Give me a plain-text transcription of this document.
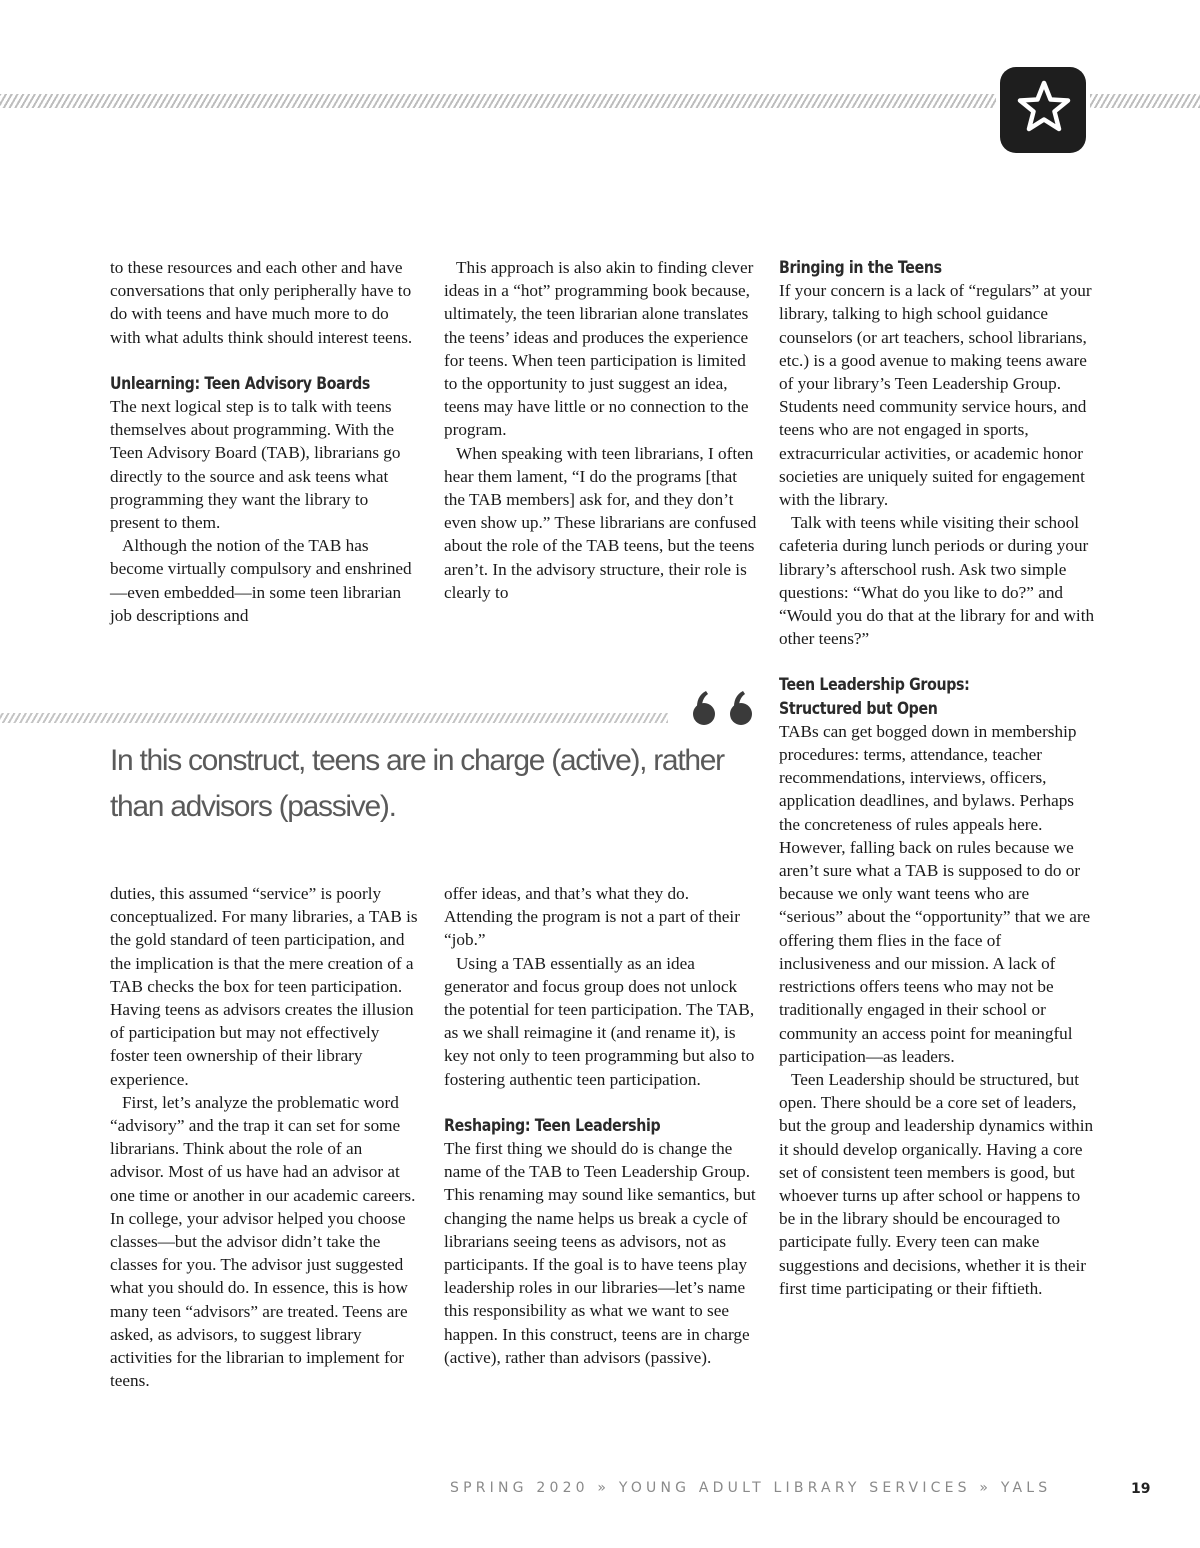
to these resources and each other and have conversations that only peripherally have to do with teens and have much more to do with what adults think should interest teens.

Unlearning: Teen Advisory Boards

The next logical step is to talk with teens themselves about programming. With the Teen Advisory Board (TAB), librarians go directly to the source and ask teens what programming they want the library to present to them.

Although the notion of the TAB has become virtually compulsory and enshrined—even embedded—in some teen librarian job descriptions and

This approach is also akin to finding clever ideas in a “hot” programming book because, ultimately, the teen librarian alone translates the teens’ ideas and produces the experience for teens. When teen participation is limited to the opportunity to just suggest an idea, teens may have little or no connection to the program.

When speaking with teen librarians, I often hear them lament, “I do the programs [that the TAB members] ask for, and they don’t even show up.” These librarians are confused about the role of the TAB teens, but the teens aren’t. In the advisory structure, their role is clearly to

Bringing in the Teens

If your concern is a lack of “regulars” at your library, talking to high school guidance counselors (or art teachers, school librarians, etc.) is a good avenue to making teens aware of your library’s Teen Leadership Group. Students need community service hours, and teens who are not engaged in sports, extracurricular activities, or academic honor societies are uniquely suited for engagement with the library.

Talk with teens while visiting their school cafeteria during lunch periods or during your library’s afterschool rush. Ask two simple questions: “What do you like to do?” and “Would you do that at the library for and with other teens?”

Teen Leadership Groups:
Structured but Open

TABs can get bogged down in membership procedures: terms, attendance, teacher recommendations, interviews, officers, application deadlines, and bylaws. Perhaps the concreteness of rules appeals here. However, falling back on rules because we aren’t sure what a TAB is supposed to do or because we only want teens who are “serious” about the “opportunity” that we are offering them flies in the face of inclusiveness and our mission. A lack of restrictions offers teens who may not be traditionally engaged in their school or community an access point for meaningful participation—as leaders.

Teen Leadership should be structured, but open. There should be a core set of leaders, but the group and leadership dynamics within it should develop organically. Having a core set of consistent teen members is good, but whoever turns up after school or happens to be in the library should be encouraged to participate fully. Every teen can make suggestions and decisions, whether it is their first time participating or their fiftieth.

In this construct, teens are in charge (active), rather than advisors (passive).

duties, this assumed “service” is poorly conceptualized. For many libraries, a TAB is the gold standard of teen participation, and the implication is that the mere creation of a TAB checks the box for teen participation. Having teens as advisors creates the illusion of participation but may not effectively foster teen ownership of their library experience.

First, let’s analyze the problematic word “advisory” and the trap it can set for some librarians. Think about the role of an advisor. Most of us have had an advisor at one time or another in our academic careers. In college, your advisor helped you choose classes—but the advisor didn’t take the classes for you. The advisor just suggested what you should do. In essence, this is how many teen “advisors” are treated. Teens are asked, as advisors, to suggest library activities for the librarian to implement for teens.

offer ideas, and that’s what they do. Attending the program is not a part of their “job.”

Using a TAB essentially as an idea generator and focus group does not unlock the potential for teen participation. The TAB, as we shall reimagine it (and rename it), is key not only to teen programming but also to fostering authentic teen participation.

Reshaping: Teen Leadership

The first thing we should do is change the name of the TAB to Teen Leadership Group. This renaming may sound like semantics, but changing the name helps us break a cycle of librarians seeing teens as advisors, not as participants. If the goal is to have teens play leadership roles in our libraries—let’s name this responsibility as what we want to see happen. In this construct, teens are in charge (active), rather than advisors (passive).

SPRING 2020 » YOUNG ADULT LIBRARY SERVICES » YALS	19
